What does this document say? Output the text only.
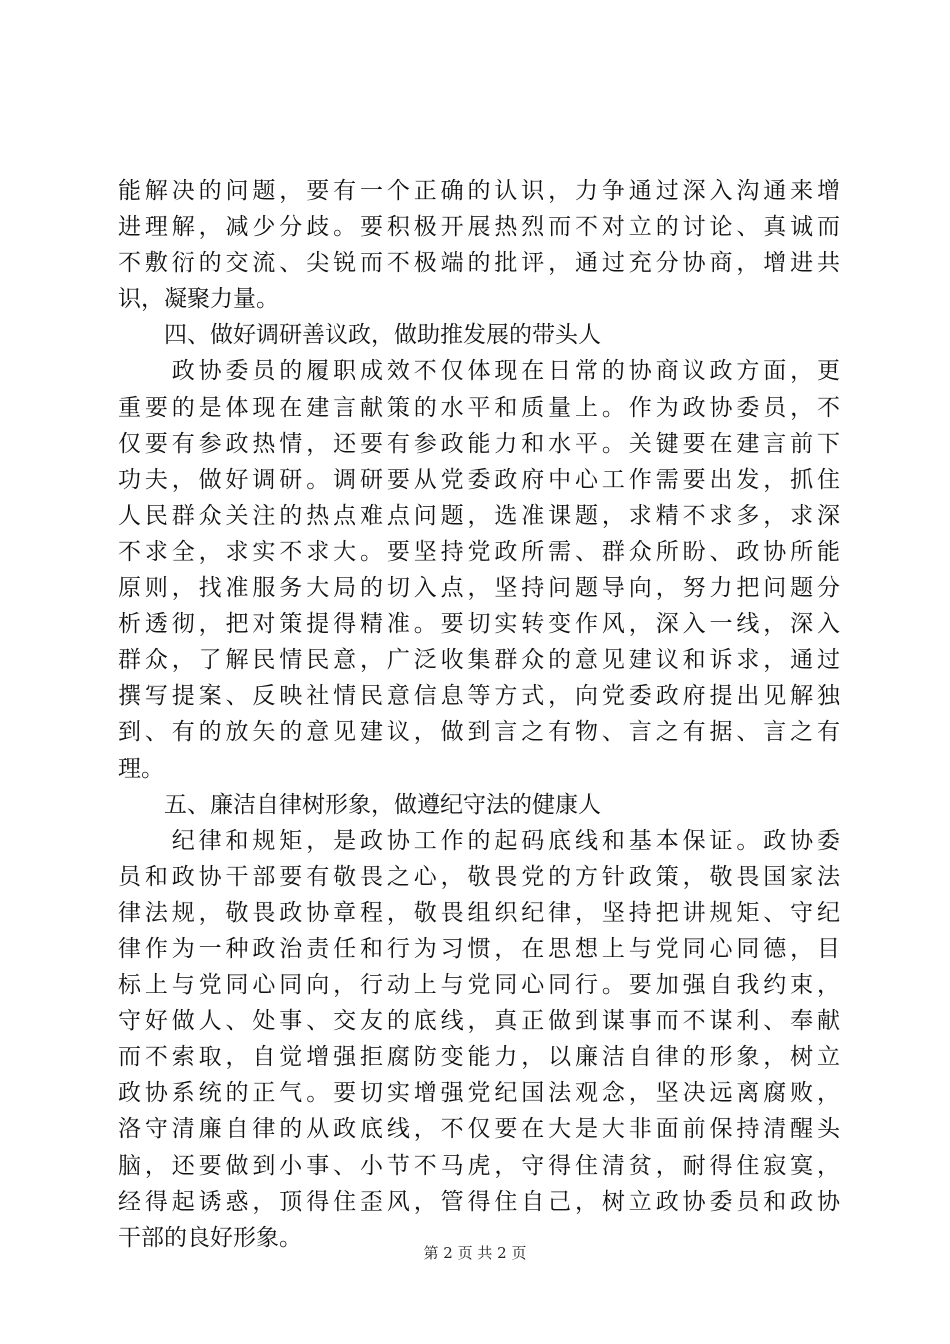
能解决的问题，要有一个正确的认识，力争通过深入沟通来增
进理解，减少分歧。要积极开展热烈而不对立的讨论、真诚而
不敷衍的交流、尖锐而不极端的批评，通过充分协商，增进共
识，凝聚力量。
　　四、做好调研善议政，做助推发展的带头人
　　政协委员的履职成效不仅体现在日常的协商议政方面，更
重要的是体现在建言献策的水平和质量上。作为政协委员，不
仅要有参政热情，还要有参政能力和水平。关键要在建言前下
功夫，做好调研。调研要从党委政府中心工作需要出发，抓住
人民群众关注的热点难点问题，选准课题，求精不求多，求深
不求全，求实不求大。要坚持党政所需、群众所盼、政协所能
原则，找准服务大局的切入点，坚持问题导向，努力把问题分
析透彻，把对策提得精准。要切实转变作风，深入一线，深入
群众，了解民情民意，广泛收集群众的意见建议和诉求，通过
撰写提案、反映社情民意信息等方式，向党委政府提出见解独
到、有的放矢的意见建议，做到言之有物、言之有据、言之有
理。
　　五、廉洁自律树形象，做遵纪守法的健康人
　　纪律和规矩，是政协工作的起码底线和基本保证。政协委
员和政协干部要有敬畏之心，敬畏党的方针政策，敬畏国家法
律法规，敬畏政协章程，敬畏组织纪律，坚持把讲规矩、守纪
律作为一种政治责任和行为习惯，在思想上与党同心同德，目
标上与党同心同向，行动上与党同心同行。要加强自我约束，
守好做人、处事、交友的底线，真正做到谋事而不谋利、奉献
而不索取，自觉增强拒腐防变能力，以廉洁自律的形象，树立
政协系统的正气。要切实增强党纪国法观念，坚决远离腐败，
洛守清廉自律的从政底线，不仅要在大是大非面前保持清醒头
脑，还要做到小事、小节不马虎，守得住清贫，耐得住寂寞，
经得起诱惑，顶得住歪风，管得住自己，树立政协委员和政协
干部的良好形象。
第 2 页 共 2 页
